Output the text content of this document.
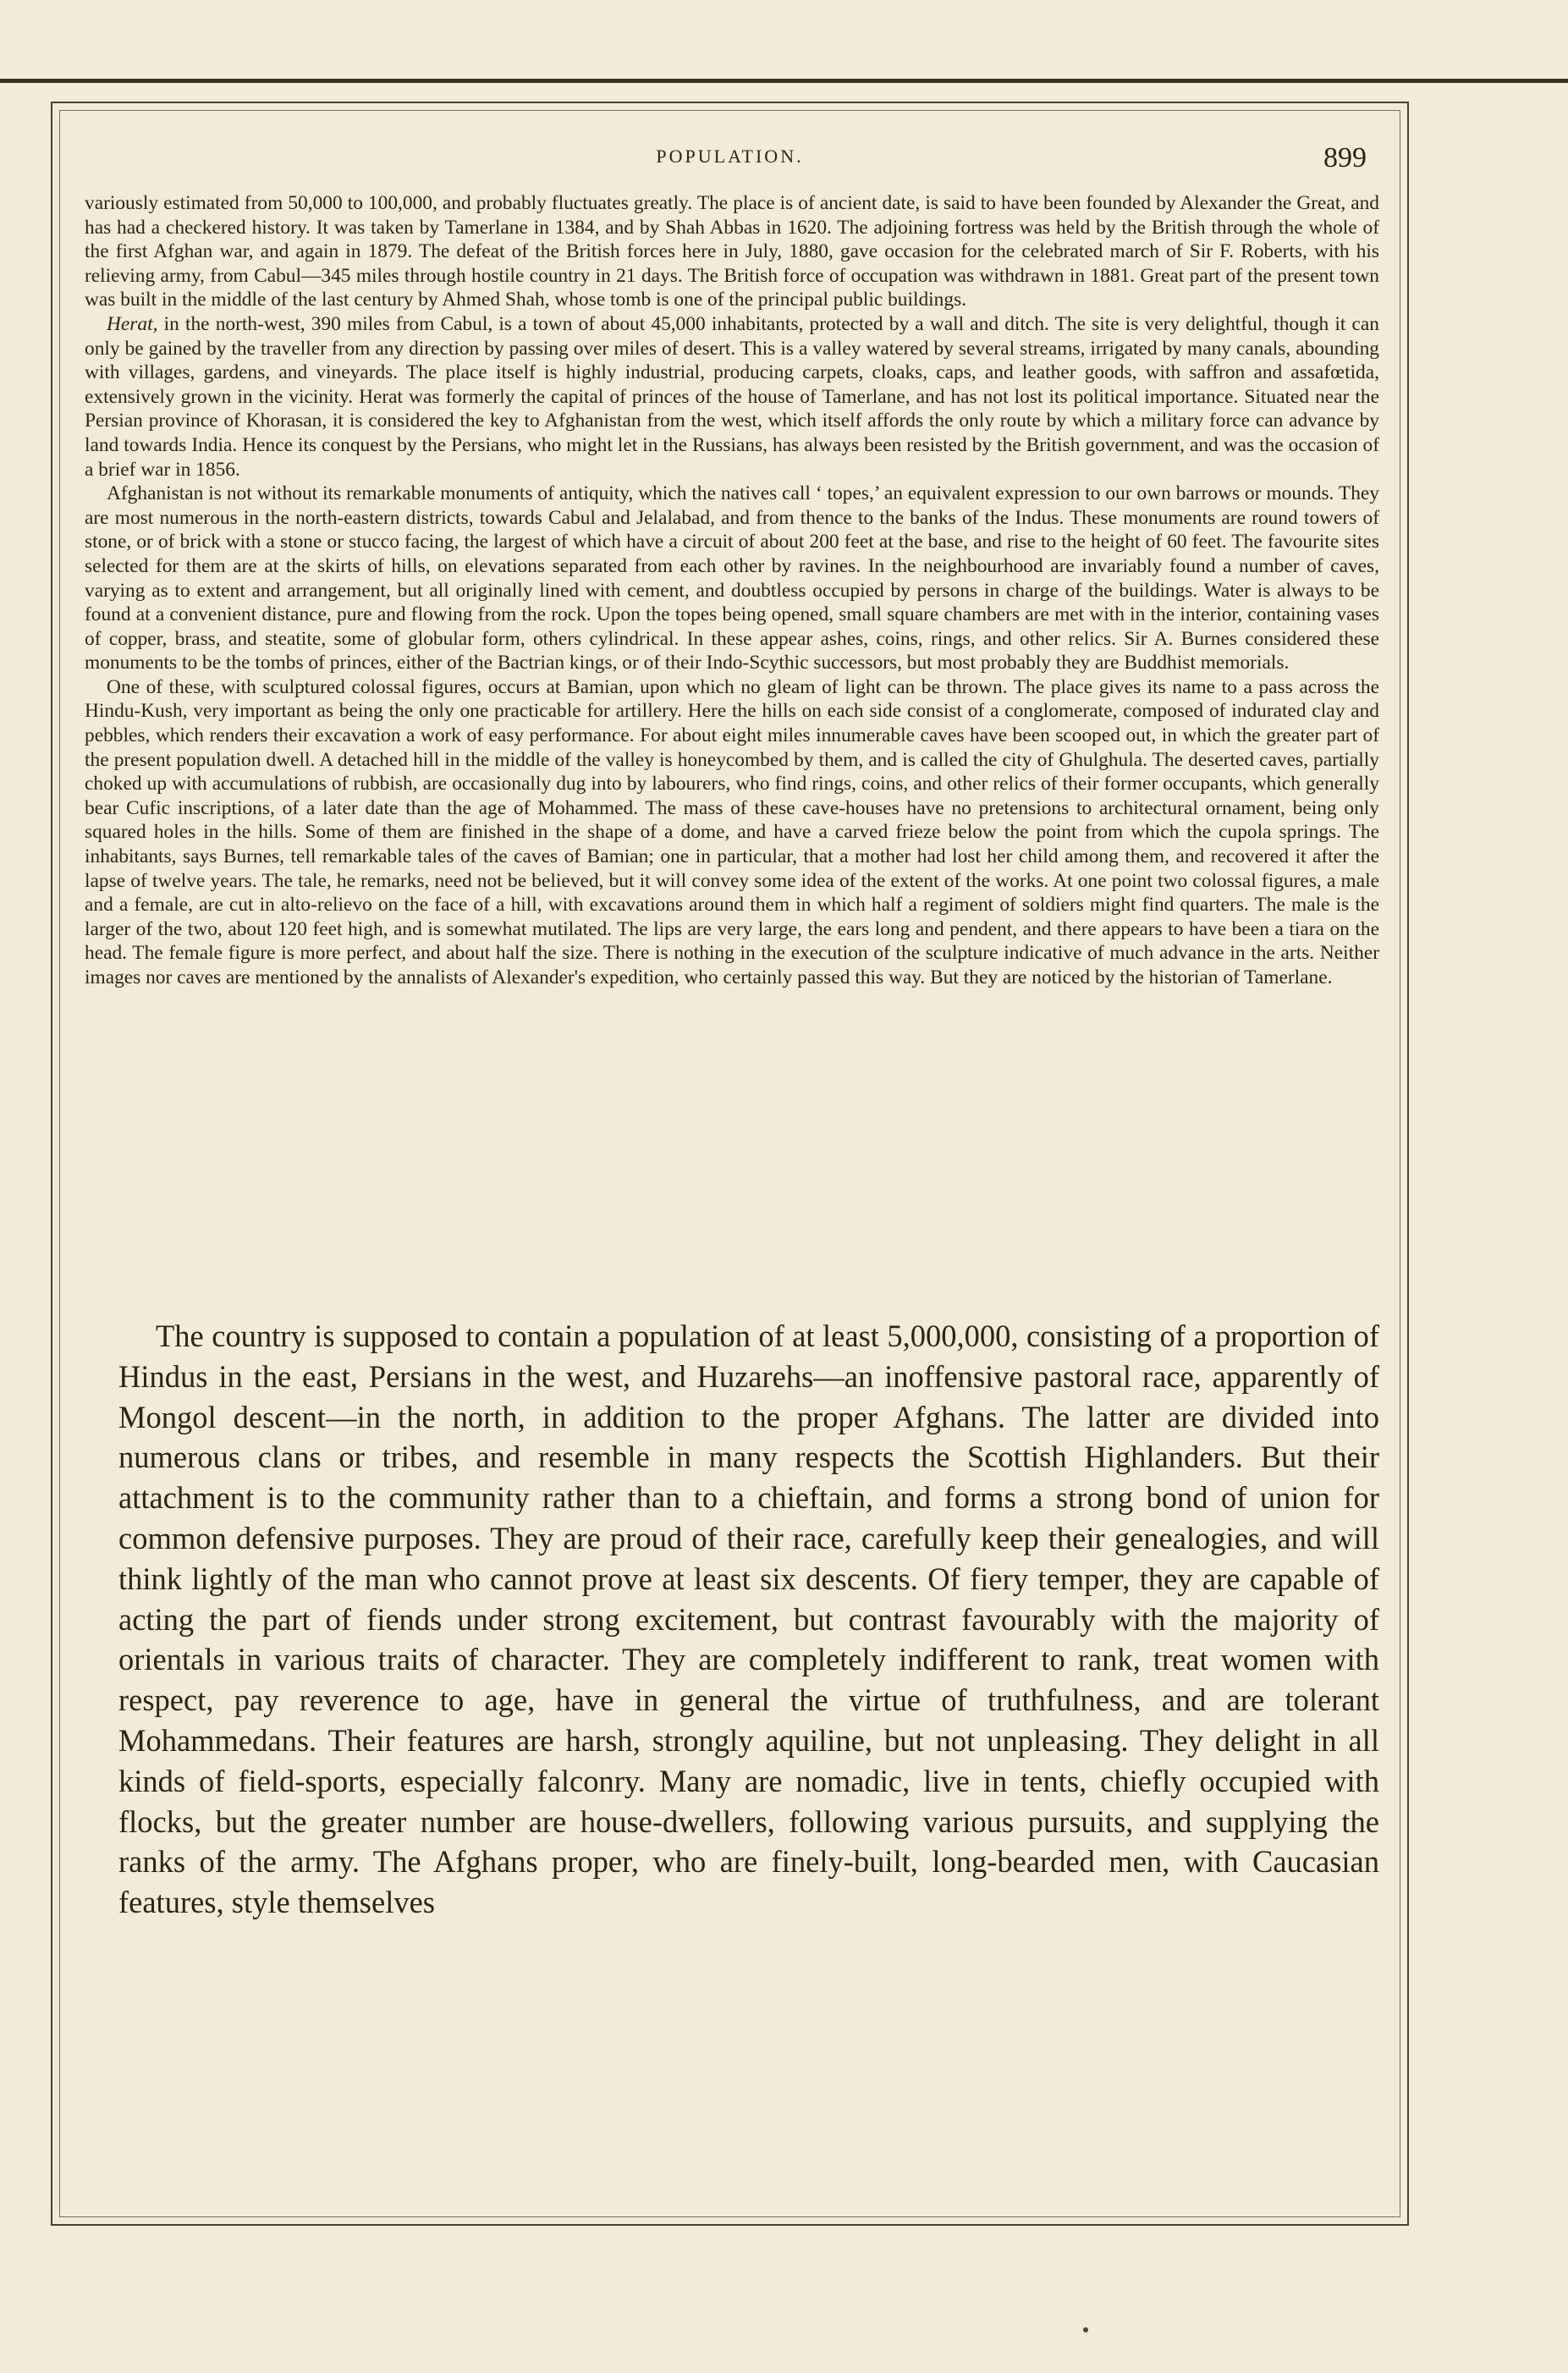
POPULATION.	899

variously estimated from 50,000 to 100,000, and probably fluctuates greatly. The place is of ancient date, is said to have been founded by Alexander the Great, and has had a checkered history. It was taken by Tamerlane in 1384, and by Shah Abbas in 1620. The adjoining fortress was held by the British through the whole of the first Afghan war, and again in 1879. The defeat of the British forces here in July, 1880, gave occasion for the celebrated march of Sir F. Roberts, with his relieving army, from Cabul—345 miles through hostile country in 21 days. The British force of occupation was withdrawn in 1881. Great part of the present town was built in the middle of the last century by Ahmed Shah, whose tomb is one of the principal public buildings.

Herat, in the north-west, 390 miles from Cabul, is a town of about 45,000 inhabitants, protected by a wall and ditch. The site is very delightful, though it can only be gained by the traveller from any direction by passing over miles of desert. This is a valley watered by several streams, irrigated by many canals, abounding with villages, gardens, and vineyards. The place itself is highly industrial, producing carpets, cloaks, caps, and leather goods, with saffron and assafœtida, extensively grown in the vicinity. Herat was formerly the capital of princes of the house of Tamerlane, and has not lost its political importance. Situated near the Persian province of Khorasan, it is considered the key to Afghanistan from the west, which itself affords the only route by which a military force can advance by land towards India. Hence its conquest by the Persians, who might let in the Russians, has always been resisted by the British government, and was the occasion of a brief war in 1856.

Afghanistan is not without its remarkable monuments of antiquity, which the natives call ‘ topes,’ an equivalent expression to our own barrows or mounds. They are most numerous in the north-eastern districts, towards Cabul and Jelalabad, and from thence to the banks of the Indus. These monuments are round towers of stone, or of brick with a stone or stucco facing, the largest of which have a circuit of about 200 feet at the base, and rise to the height of 60 feet. The favourite sites selected for them are at the skirts of hills, on elevations separated from each other by ravines. In the neighbourhood are invariably found a number of caves, varying as to extent and arrangement, but all originally lined with cement, and doubtless occupied by persons in charge of the buildings. Water is always to be found at a convenient distance, pure and flowing from the rock. Upon the topes being opened, small square chambers are met with in the interior, containing vases of copper, brass, and steatite, some of globular form, others cylindrical. In these appear ashes, coins, rings, and other relics. Sir A. Burnes considered these monuments to be the tombs of princes, either of the Bactrian kings, or of their Indo-Scythic successors, but most probably they are Buddhist memorials.

One of these, with sculptured colossal figures, occurs at Bamian, upon which no gleam of light can be thrown. The place gives its name to a pass across the Hindu-Kush, very important as being the only one practicable for artillery. Here the hills on each side consist of a conglomerate, composed of indurated clay and pebbles, which renders their excavation a work of easy performance. For about eight miles innumerable caves have been scooped out, in which the greater part of the present population dwell. A detached hill in the middle of the valley is honeycombed by them, and is called the city of Ghulghula. The deserted caves, partially choked up with accumulations of rubbish, are occasionally dug into by labourers, who find rings, coins, and other relics of their former occupants, which generally bear Cufic inscriptions, of a later date than the age of Mohammed. The mass of these cave-houses have no pretensions to architectural ornament, being only squared holes in the hills. Some of them are finished in the shape of a dome, and have a carved frieze below the point from which the cupola springs. The inhabitants, says Burnes, tell remarkable tales of the caves of Bamian; one in particular, that a mother had lost her child among them, and recovered it after the lapse of twelve years. The tale, he remarks, need not be believed, but it will convey some idea of the extent of the works. At one point two colossal figures, a male and a female, are cut in alto-relievo on the face of a hill, with excavations around them in which half a regiment of soldiers might find quarters. The male is the larger of the two, about 120 feet high, and is somewhat mutilated. The lips are very large, the ears long and pendent, and there appears to have been a tiara on the head. The female figure is more perfect, and about half the size. There is nothing in the execution of the sculpture indicative of much advance in the arts. Neither images nor caves are mentioned by the annalists of Alexander's expedition, who certainly passed this way. But they are noticed by the historian of Tamerlane.

The country is supposed to contain a population of at least 5,000,000, consisting of a proportion of Hindus in the east, Persians in the west, and Huzarehs—an inoffensive pastoral race, apparently of Mongol descent—in the north, in addition to the proper Afghans. The latter are divided into numerous clans or tribes, and resemble in many respects the Scottish Highlanders. But their attachment is to the community rather than to a chieftain, and forms a strong bond of union for common defensive purposes. They are proud of their race, carefully keep their genealogies, and will think lightly of the man who cannot prove at least six descents. Of fiery temper, they are capable of acting the part of fiends under strong excitement, but contrast favourably with the majority of orientals in various traits of character. They are completely indifferent to rank, treat women with respect, pay reverence to age, have in general the virtue of truthfulness, and are tolerant Mohammedans. Their features are harsh, strongly aquiline, but not unpleasing. They delight in all kinds of field-sports, especially falconry. Many are nomadic, live in tents, chiefly occupied with flocks, but the greater number are house-dwellers, following various pursuits, and supplying the ranks of the army. The Afghans proper, who are finely-built, long-bearded men, with Caucasian features, style themselves
